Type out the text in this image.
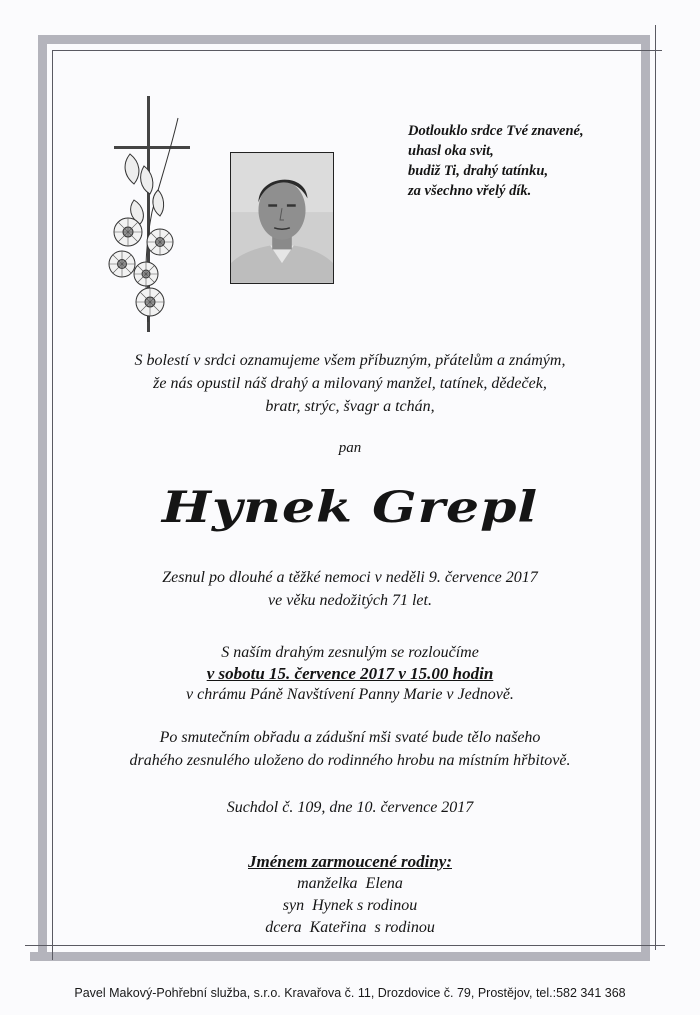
Dotlouklo srdce Tvé znavené,
uhasl oka svit,
budiž Ti, drahý tatínku,
za všechno vřelý dík.
S bolestí v srdci oznamujeme všem příbuzným, přátelům a známým,
že nás opustil náš drahý a milovaný manžel, tatínek, dědeček,
bratr, strýc, švagr a tchán,
pan
Hynek Grepl
Zesnul po dlouhé a těžké nemoci v neděli 9. července 2017
ve věku nedožitých 71 let.
S naším drahým zesnulým se rozloučíme
v sobotu 15. července 2017 v 15.00 hodin
v chrámu Páně Navštívení Panny Marie v Jednově.
Po smutečním obřadu a zádušní mši svaté bude tělo našeho
drahého zesnulého uloženo do rodinného hrobu na místním hřbitově.
Suchdol č. 109, dne 10. července 2017
Jménem zarmoucené rodiny:
manželka  Elena
syn  Hynek s rodinou
dcera  Kateřina  s rodinou
Pavel Makový-Pohřební služba, s.r.o. Kravařova č. 11, Drozdovice č. 79, Prostějov, tel.:582 341 368
